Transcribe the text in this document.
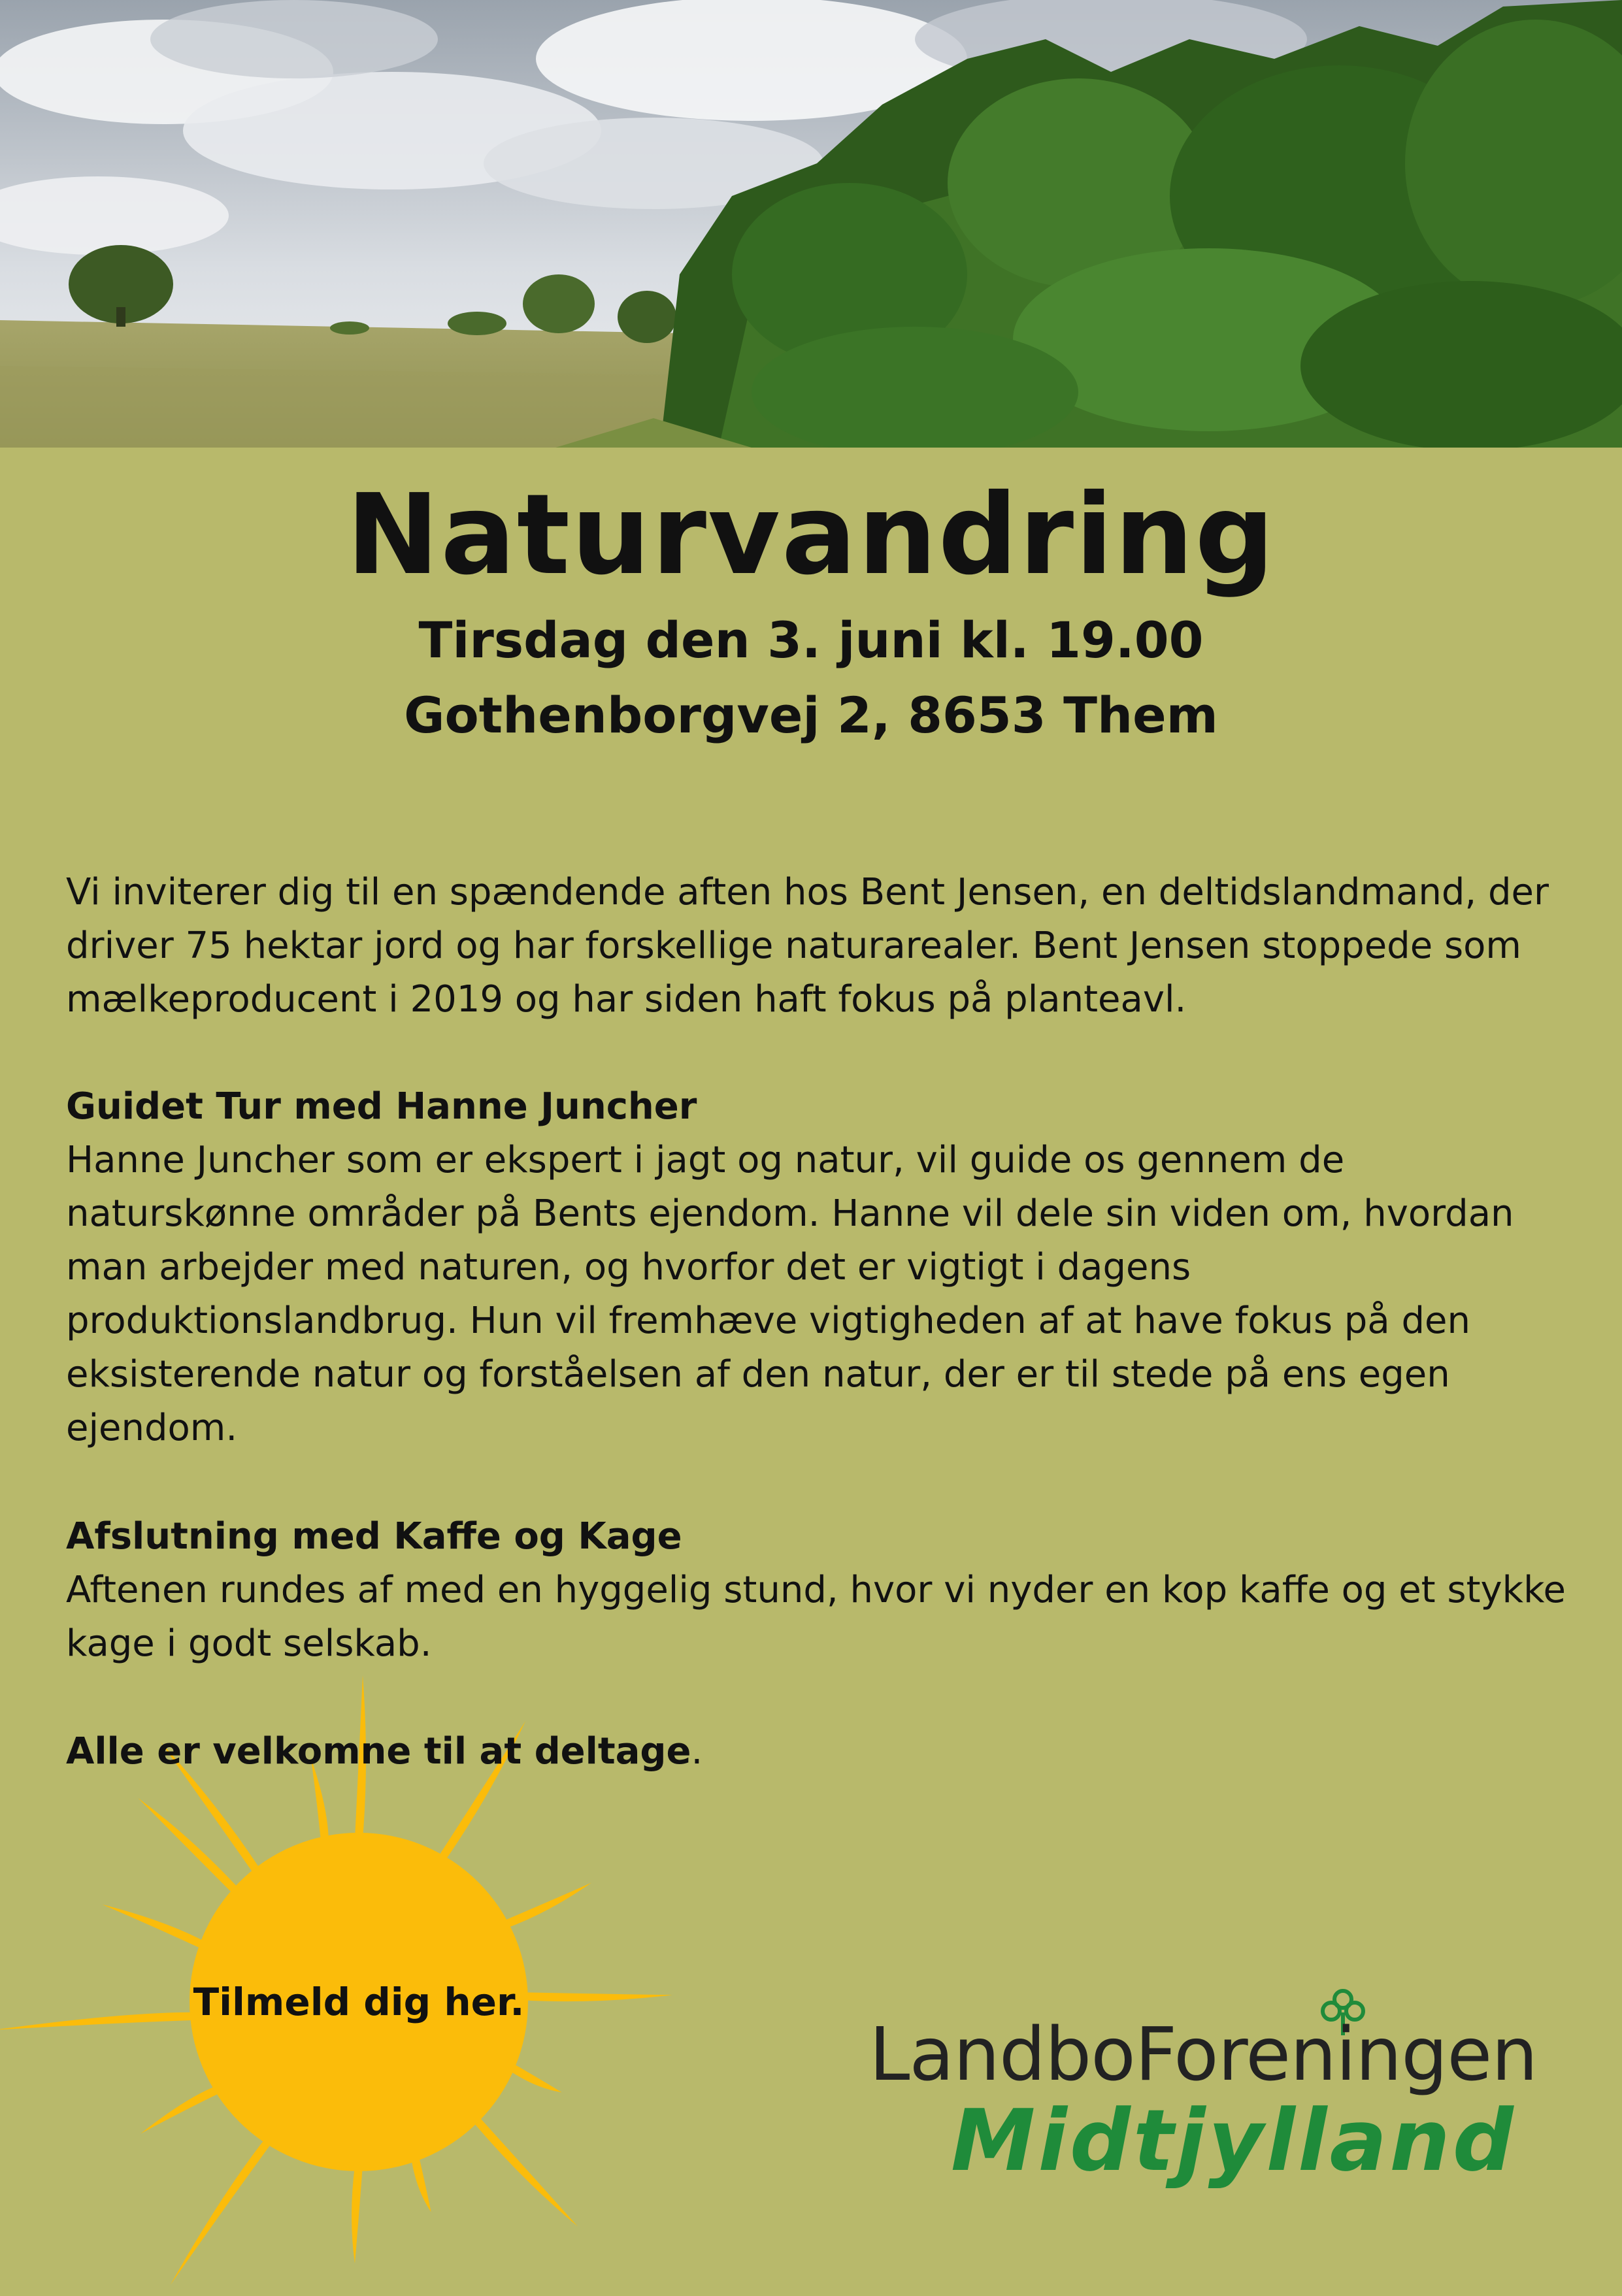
Naturvandring
Tirsdag den 3. juni kl. 19.00
Gothenborgvej 2, 8653 Them

Vi inviterer dig til en spændende aften hos Bent Jensen, en deltidslandmand, der

driver 75 hektar jord og har forskellige naturarealer. Bent Jensen stoppede som

mælkeproducent i 2019 og har siden haft fokus på planteavl.

Guidet Tur med Hanne Juncher

Hanne Juncher som er ekspert i jagt og natur, vil guide os gennem de

naturskønne områder på Bents ejendom. Hanne vil dele sin viden om, hvordan

man arbejder med naturen, og hvorfor det er vigtigt i dagens

produktionslandbrug. Hun vil fremhæve vigtigheden af at have fokus på den

eksisterende natur og forståelsen af den natur, der er til stede på ens egen

ejendom.

Afslutning med Kaffe og Kage

Aftenen rundes af med en hyggelig stund, hvor vi nyder en kop kaffe og et stykke

kage i godt selskab.

Alle er velkomne til at deltage.

Tilmeld dig her.
LandboForeningen
Midtjylland
